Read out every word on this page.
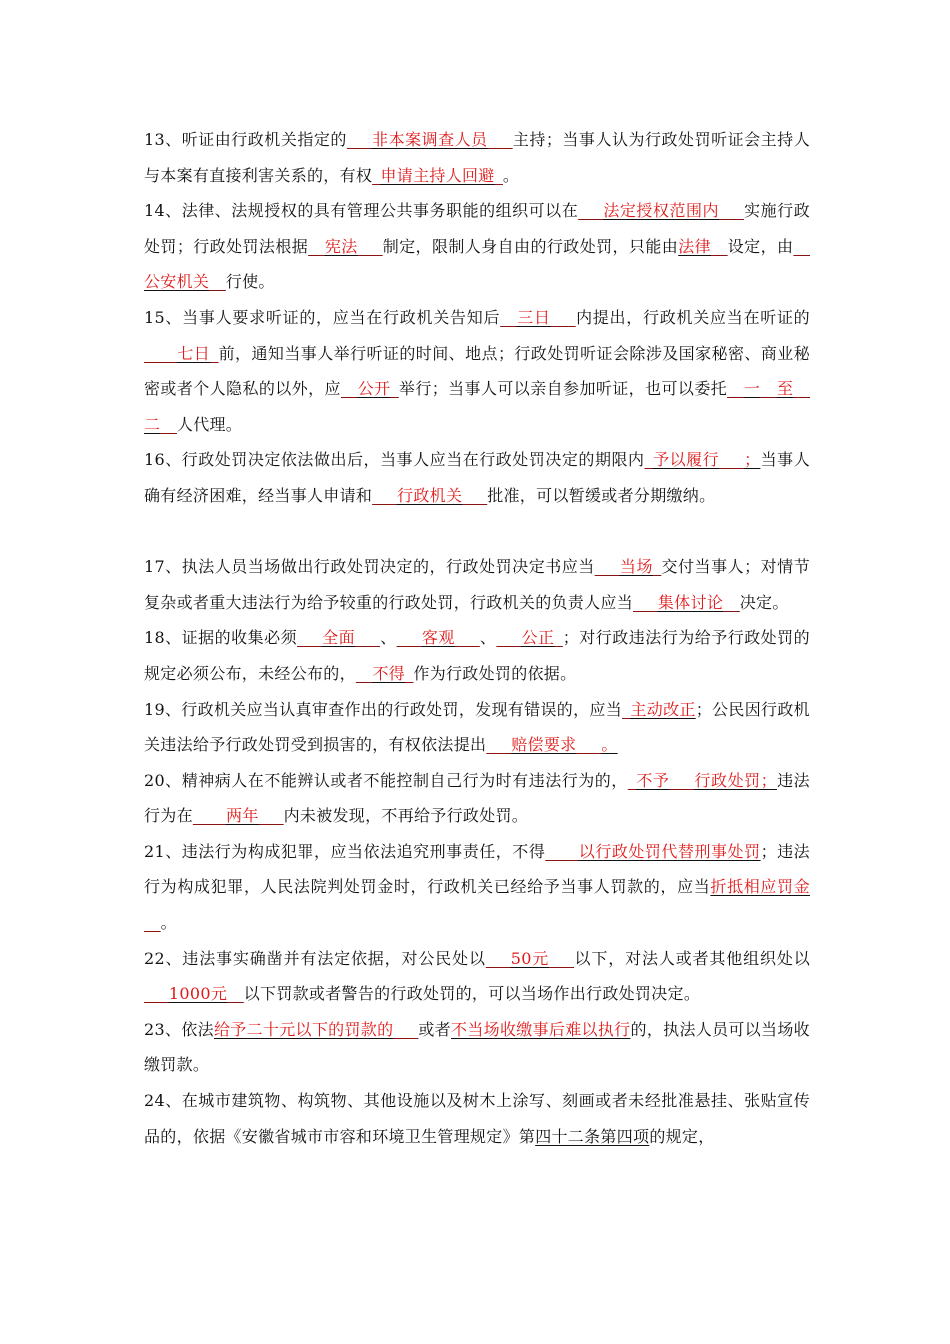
13、听证由行政机关指定的___非本案调查人员___主持；当事人认为行政处罚听证会主持人与本案有直接利害关系的，有权_申请主持人回避_。

14、法律、法规授权的具有管理公共事务职能的组织可以在___法定授权范围内___实施行政处罚；行政处罚法根据__宪法___制定，限制人身自由的行政处罚，只能由法律__设定，由__公安机关__行使。

15、当事人要求听证的，应当在行政机关告知后__三日___内提出，行政机关应当在听证的____七日_前，通知当事人举行听证的时间、地点；行政处罚听证会除涉及国家秘密、商业秘密或者个人隐私的以外，应__公开_举行；当事人可以亲自参加听证，也可以委托__一__至__二__人代理。

16、行政处罚决定依法做出后，当事人应当在行政处罚决定的期限内_予以履行___；当事人确有经济困难，经当事人申请和___行政机关___批准，可以暂缓或者分期缴纳。

17、执法人员当场做出行政处罚决定的，行政处罚决定书应当___当场_交付当事人；对情节复杂或者重大违法行为给予较重的行政处罚，行政机关的负责人应当___集体讨论__决定。

18、证据的收集必须___全面___、___客观___、___公正_；对行政违法行为给予行政处罚的规定必须公布，未经公布的，__不得_作为行政处罚的依据。

19、行政机关应当认真审查作出的行政处罚，发现有错误的，应当_主动改正；公民因行政机关违法给予行政处罚受到损害的，有权依法提出___赔偿要求___。

20、精神病人在不能辨认或者不能控制自己行为时有违法行为的，_不予___行政处罚；违法行为在____两年___内未被发现，不再给予行政处罚。

21、违法行为构成犯罪，应当依法追究刑事责任，不得____以行政处罚代替刑事处罚；违法行为构成犯罪，人民法院判处罚金时，行政机关已经给予当事人罚款的，应当折抵相应罚金__。

22、违法事实确凿并有法定依据，对公民处以___50元___以下，对法人或者其他组织处以___1000元__以下罚款或者警告的行政处罚的，可以当场作出行政处罚决定。

23、依法给予二十元以下的罚款的___或者不当场收缴事后难以执行的，执法人员可以当场收缴罚款。

24、在城市建筑物、构筑物、其他设施以及树木上涂写、刻画或者未经批准悬挂、张贴宣传品的，依据《安徽省城市市容和环境卫生管理规定》第四十二条第四项的规定，
